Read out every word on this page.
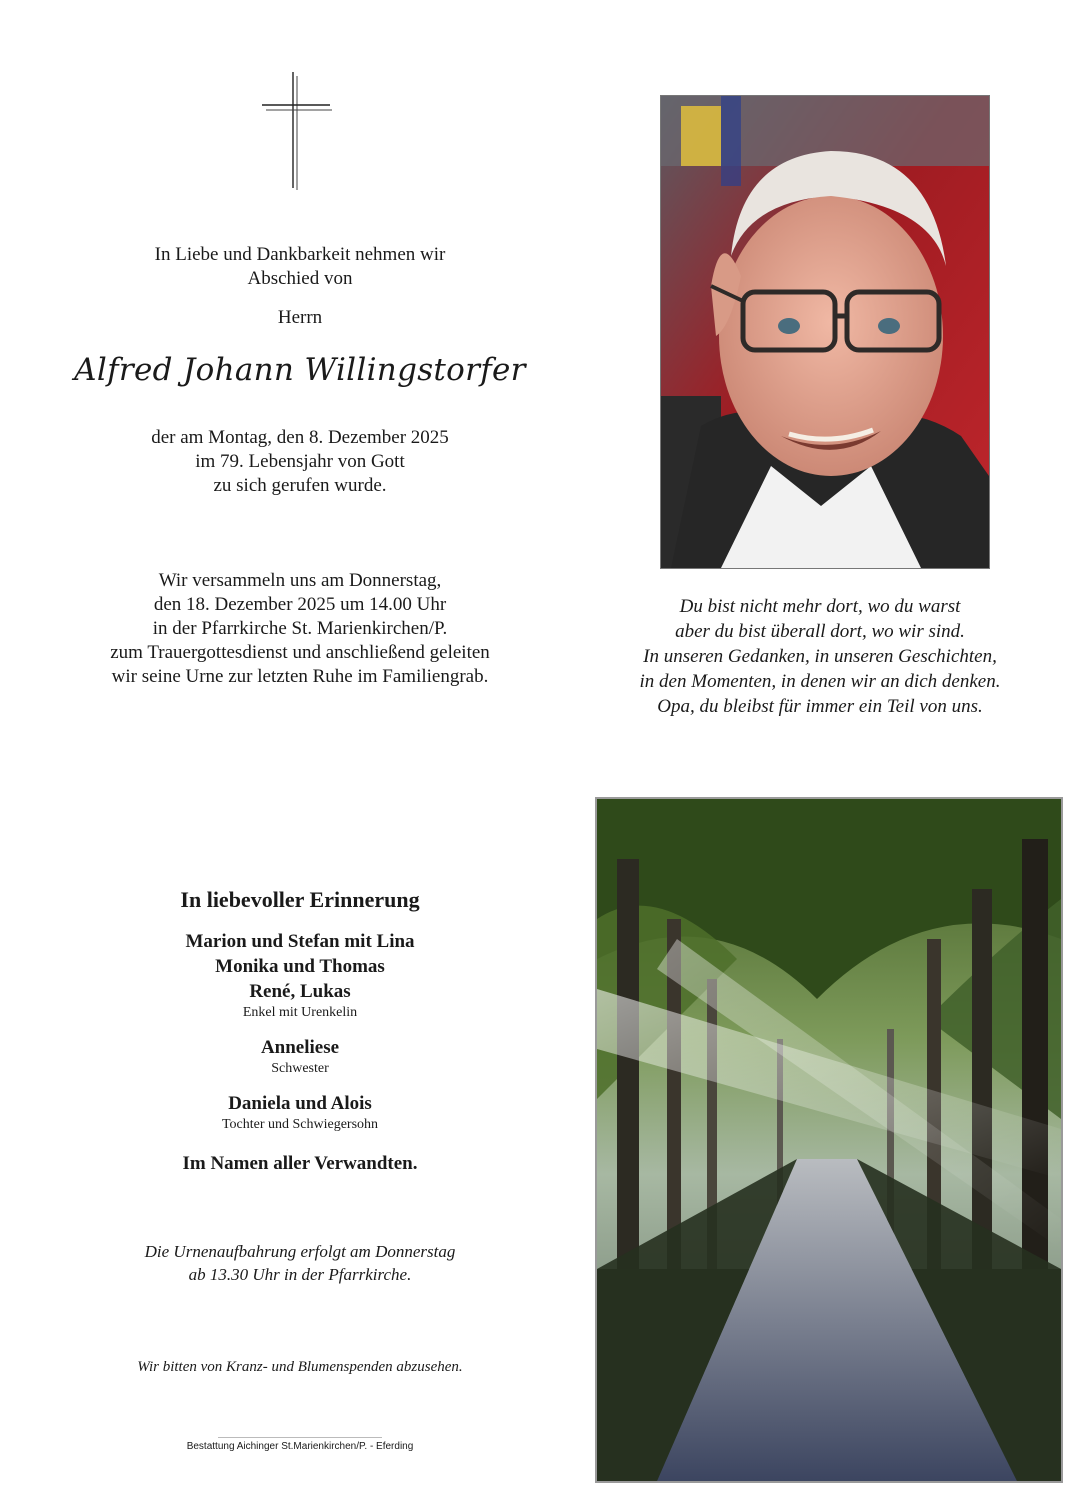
In Liebe und Dankbarkeit nehmen wir
Abschied von
Herrn
Alfred Johann Willingstorfer
der am Montag, den 8. Dezember 2025
im 79. Lebensjahr von Gott
zu sich gerufen wurde.
Wir versammeln uns am Donnerstag,
den 18. Dezember 2025 um 14.00 Uhr
in der Pfarrkirche St. Marienkirchen/P.
zum Trauergottesdienst und anschließend geleiten
wir seine Urne zur letzten Ruhe im Familiengrab.
Du bist nicht mehr dort, wo du warst
aber du bist überall dort, wo wir sind.
In unseren Gedanken, in unseren Geschichten,
in den Momenten, in denen wir an dich denken.
Opa, du bleibst für immer ein Teil von uns.
In liebevoller Erinnerung
Marion und Stefan mit Lina
Monika und Thomas
René, Lukas
Enkel mit Urenkelin
Anneliese
Schwester
Daniela und Alois
Tochter und Schwiegersohn
Im Namen aller Verwandten.
Die Urnenaufbahrung erfolgt am Donnerstag
ab 13.30 Uhr in der Pfarrkirche.
Wir bitten von Kranz- und Blumenspenden abzusehen.
Bestattung Aichinger St.Marienkirchen/P. - Eferding
